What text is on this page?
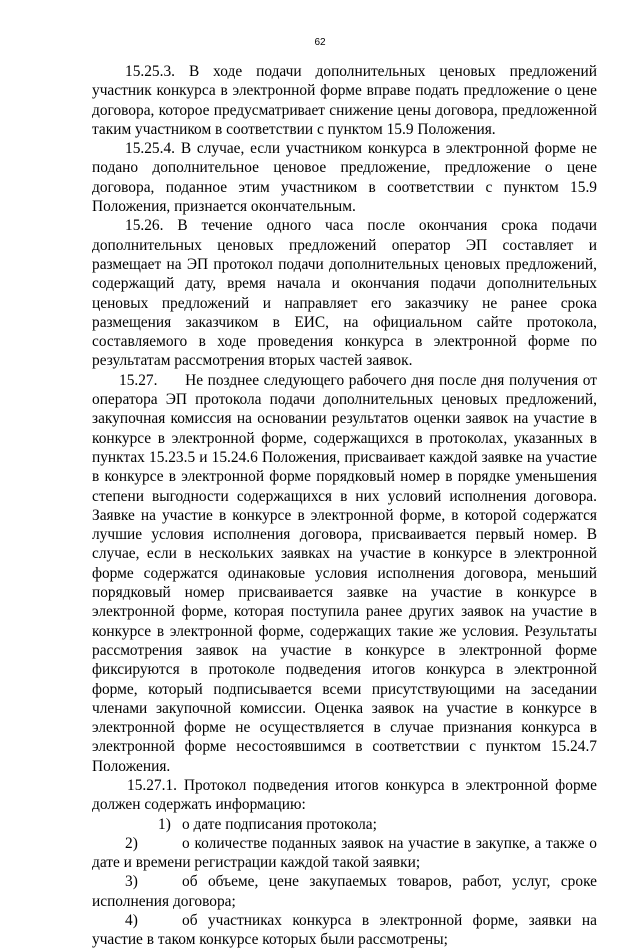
62

15.25.3. В ходе подачи дополнительных ценовых предложений участник конкурса в электронной форме вправе подать предложение о цене договора, которое предусматривает снижение цены договора, предложенной таким участником в соответствии с пунктом 15.9 Положения.

15.25.4. В случае, если участником конкурса в электронной форме не подано дополнительное ценовое предложение, предложение о цене договора, поданное этим участником в соответствии с пунктом 15.9 Положения, признается окончательным.

15.26. В течение одного часа после окончания срока подачи дополнительных ценовых предложений оператор ЭП составляет и размещает на ЭП протокол подачи дополнительных ценовых предложений, содержащий дату, время начала и окончания подачи дополнительных ценовых предложений и направляет его заказчику не ранее срока размещения заказчиком в ЕИС, на официальном сайте протокола, составляемого в ходе проведения конкурса в электронной форме по результатам рассмотрения вторых частей заявок.

15.27.      Не позднее следующего рабочего дня после дня получения от оператора ЭП протокола подачи дополнительных ценовых предложений, закупочная комиссия на основании результатов оценки заявок на участие в конкурсе в электронной форме, содержащихся в протоколах, указанных в пунктах 15.23.5 и 15.24.6 Положения, присваивает каждой заявке на участие в конкурсе в электронной форме порядковый номер в порядке уменьшения степени выгодности содержащихся в них условий исполнения договора. Заявке на участие в конкурсе в электронной форме, в которой содержатся лучшие условия исполнения договора, присваивается первый номер. В случае, если в нескольких заявках на участие в конкурсе в электронной форме содержатся одинаковые условия исполнения договора, меньший порядковый номер присваивается заявке на участие в конкурсе в электронной форме, которая поступила ранее других заявок на участие в конкурсе в электронной форме, содержащих такие же условия. Результаты рассмотрения заявок на участие в конкурсе в электронной форме фиксируются в протоколе подведения итогов конкурса в электронной форме, который подписывается всеми присутствующими на заседании членами закупочной комиссии. Оценка заявок на участие в конкурсе в электронной форме не осуществляется в случае признания конкурса в электронной форме несостоявшимся в соответствии с пунктом 15.24.7 Положения.

15.27.1. Протокол подведения итогов конкурса в электронной форме должен содержать информацию:

1) о дате подписания протокола;

2)	о количестве поданных заявок на участие в закупке, а также о дате и времени регистрации каждой такой заявки;

3)	об объеме, цене закупаемых товаров, работ, услуг, сроке исполнения договора;

4)	об участниках конкурса в электронной форме, заявки на участие в таком конкурсе которых были рассмотрены;
